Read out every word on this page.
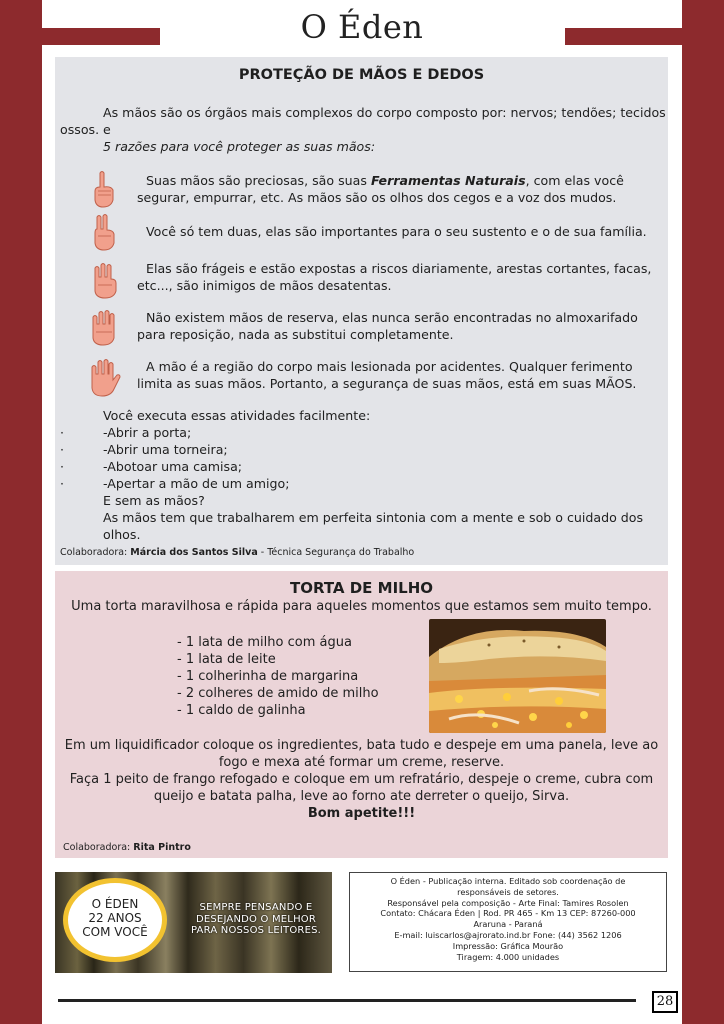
O Éden
PROTEÇÃO DE MÃOS E DEDOS
As mãos são os órgãos mais complexos do corpo composto por: nervos; tendões; tecidos e
ossos.
5 razões para você proteger as suas mãos:
Suas mãos são preciosas, são suas Ferramentas Naturais, com elas você segurar, empurrar, etc. As mãos são os olhos dos cegos e a voz dos mudos.
Você só tem duas, elas são importantes para o seu sustento e o de sua família.
Elas são frágeis e estão expostas a riscos diariamente, arestas cortantes, facas, etc..., são inimigos de mãos desatentas.
Não existem mãos de reserva, elas nunca serão encontradas no almoxarifado para reposição, nada as substitui completamente.
A mão é a região do corpo mais lesionada por acidentes. Qualquer ferimento limita as suas mãos. Portanto, a segurança de suas mãos, está em suas MÃOS.
Você executa essas atividades facilmente:
·	-Abrir a porta;
·	-Abrir uma torneira;
·	-Abotoar uma camisa;
·	-Apertar a mão de um amigo;
E sem as mãos?
As mãos tem que trabalharem em perfeita sintonia com a mente e sob o cuidado dos olhos.
Colaboradora: Márcia dos Santos Silva - Técnica Segurança do Trabalho
TORTA DE MILHO
Uma torta maravilhosa e rápida para aqueles momentos que estamos sem muito tempo.
- 1 lata de milho com água
- 1 lata de leite
- 1 colherinha de margarina
- 2 colheres de amido de milho
- 1 caldo de galinha
Em um liquidificador coloque os ingredientes, bata tudo e despeje em uma panela, leve ao fogo e mexa até formar um creme, reserve.
Faça 1 peito de frango refogado e coloque em um refratário, despeje o creme, cubra com queijo e batata palha, leve ao forno ate derreter o queijo, Sirva.
Bom apetite!!!
Colaboradora: Rita Pintro
O ÉDEN
22 ANOS
COM VOCÊ
SEMPRE PENSANDO E
DESEJANDO O MELHOR
PARA NOSSOS LEITORES.
O Éden - Publicação interna. Editado sob coordenação de
responsáveis de setores.
Responsável pela composição - Arte Final: Tamires Rosolen
Contato: Chácara Éden | Rod. PR 465 - Km 13 CEP: 87260-000
Araruna - Paraná
E-mail: luiscarlos@ajrorato.ind.br Fone: (44) 3562 1206
Impressão: Gráfica Mourão
Tiragem: 4.000 unidades
28
